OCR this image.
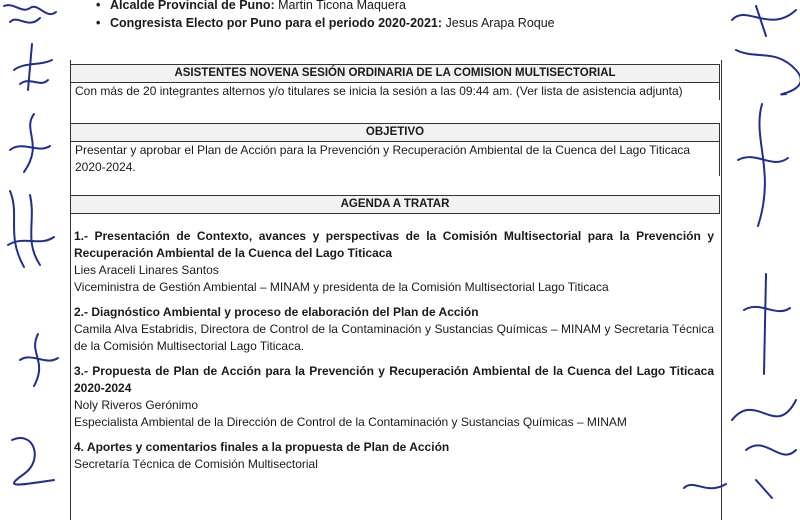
• Alcalde Provincial de Puno: Martin Ticona Maquera
• Congresista Electo por Puno para el periodo 2020-2021: Jesus Arapa Roque
ASISTENTES NOVENA SESIÓN ORDINARIA DE LA COMISION MULTISECTORIAL
Con más de 20 integrantes alternos y/o titulares se inicia la sesión a las 09:44 am. (Ver lista de asistencia adjunta)
OBJETIVO
Presentar y aprobar el Plan de Acción para la Prevención y Recuperación Ambiental de la Cuenca del Lago Titicaca 2020-2024.
AGENDA A TRATAR
1.- Presentación de Contexto, avances y perspectivas de la Comisión Multisectorial para la Prevención y Recuperación Ambiental de la Cuenca del Lago Titicaca
Lies Araceli Linares Santos
Viceministra de Gestión Ambiental – MINAM y presidenta de la Comisión Multisectorial Lago Titicaca
2.- Diagnóstico Ambiental y proceso de elaboración del Plan de Acción
Camila Alva Estabridis, Directora de Control de la Contaminación y Sustancias Químicas – MINAM y Secretaria Técnica de la Comisión Multisectorial Lago Titicaca.
3.- Propuesta de Plan de Acción para la Prevención y Recuperación Ambiental de la Cuenca del Lago Titicaca 2020-2024
Noly Riveros Gerónimo
Especialista Ambiental de la Dirección de Control de la Contaminación y Sustancias Químicas – MINAM
4. Aportes y comentarios finales a la propuesta de Plan de Acción
Secretaría Técnica de Comisión Multisectorial
